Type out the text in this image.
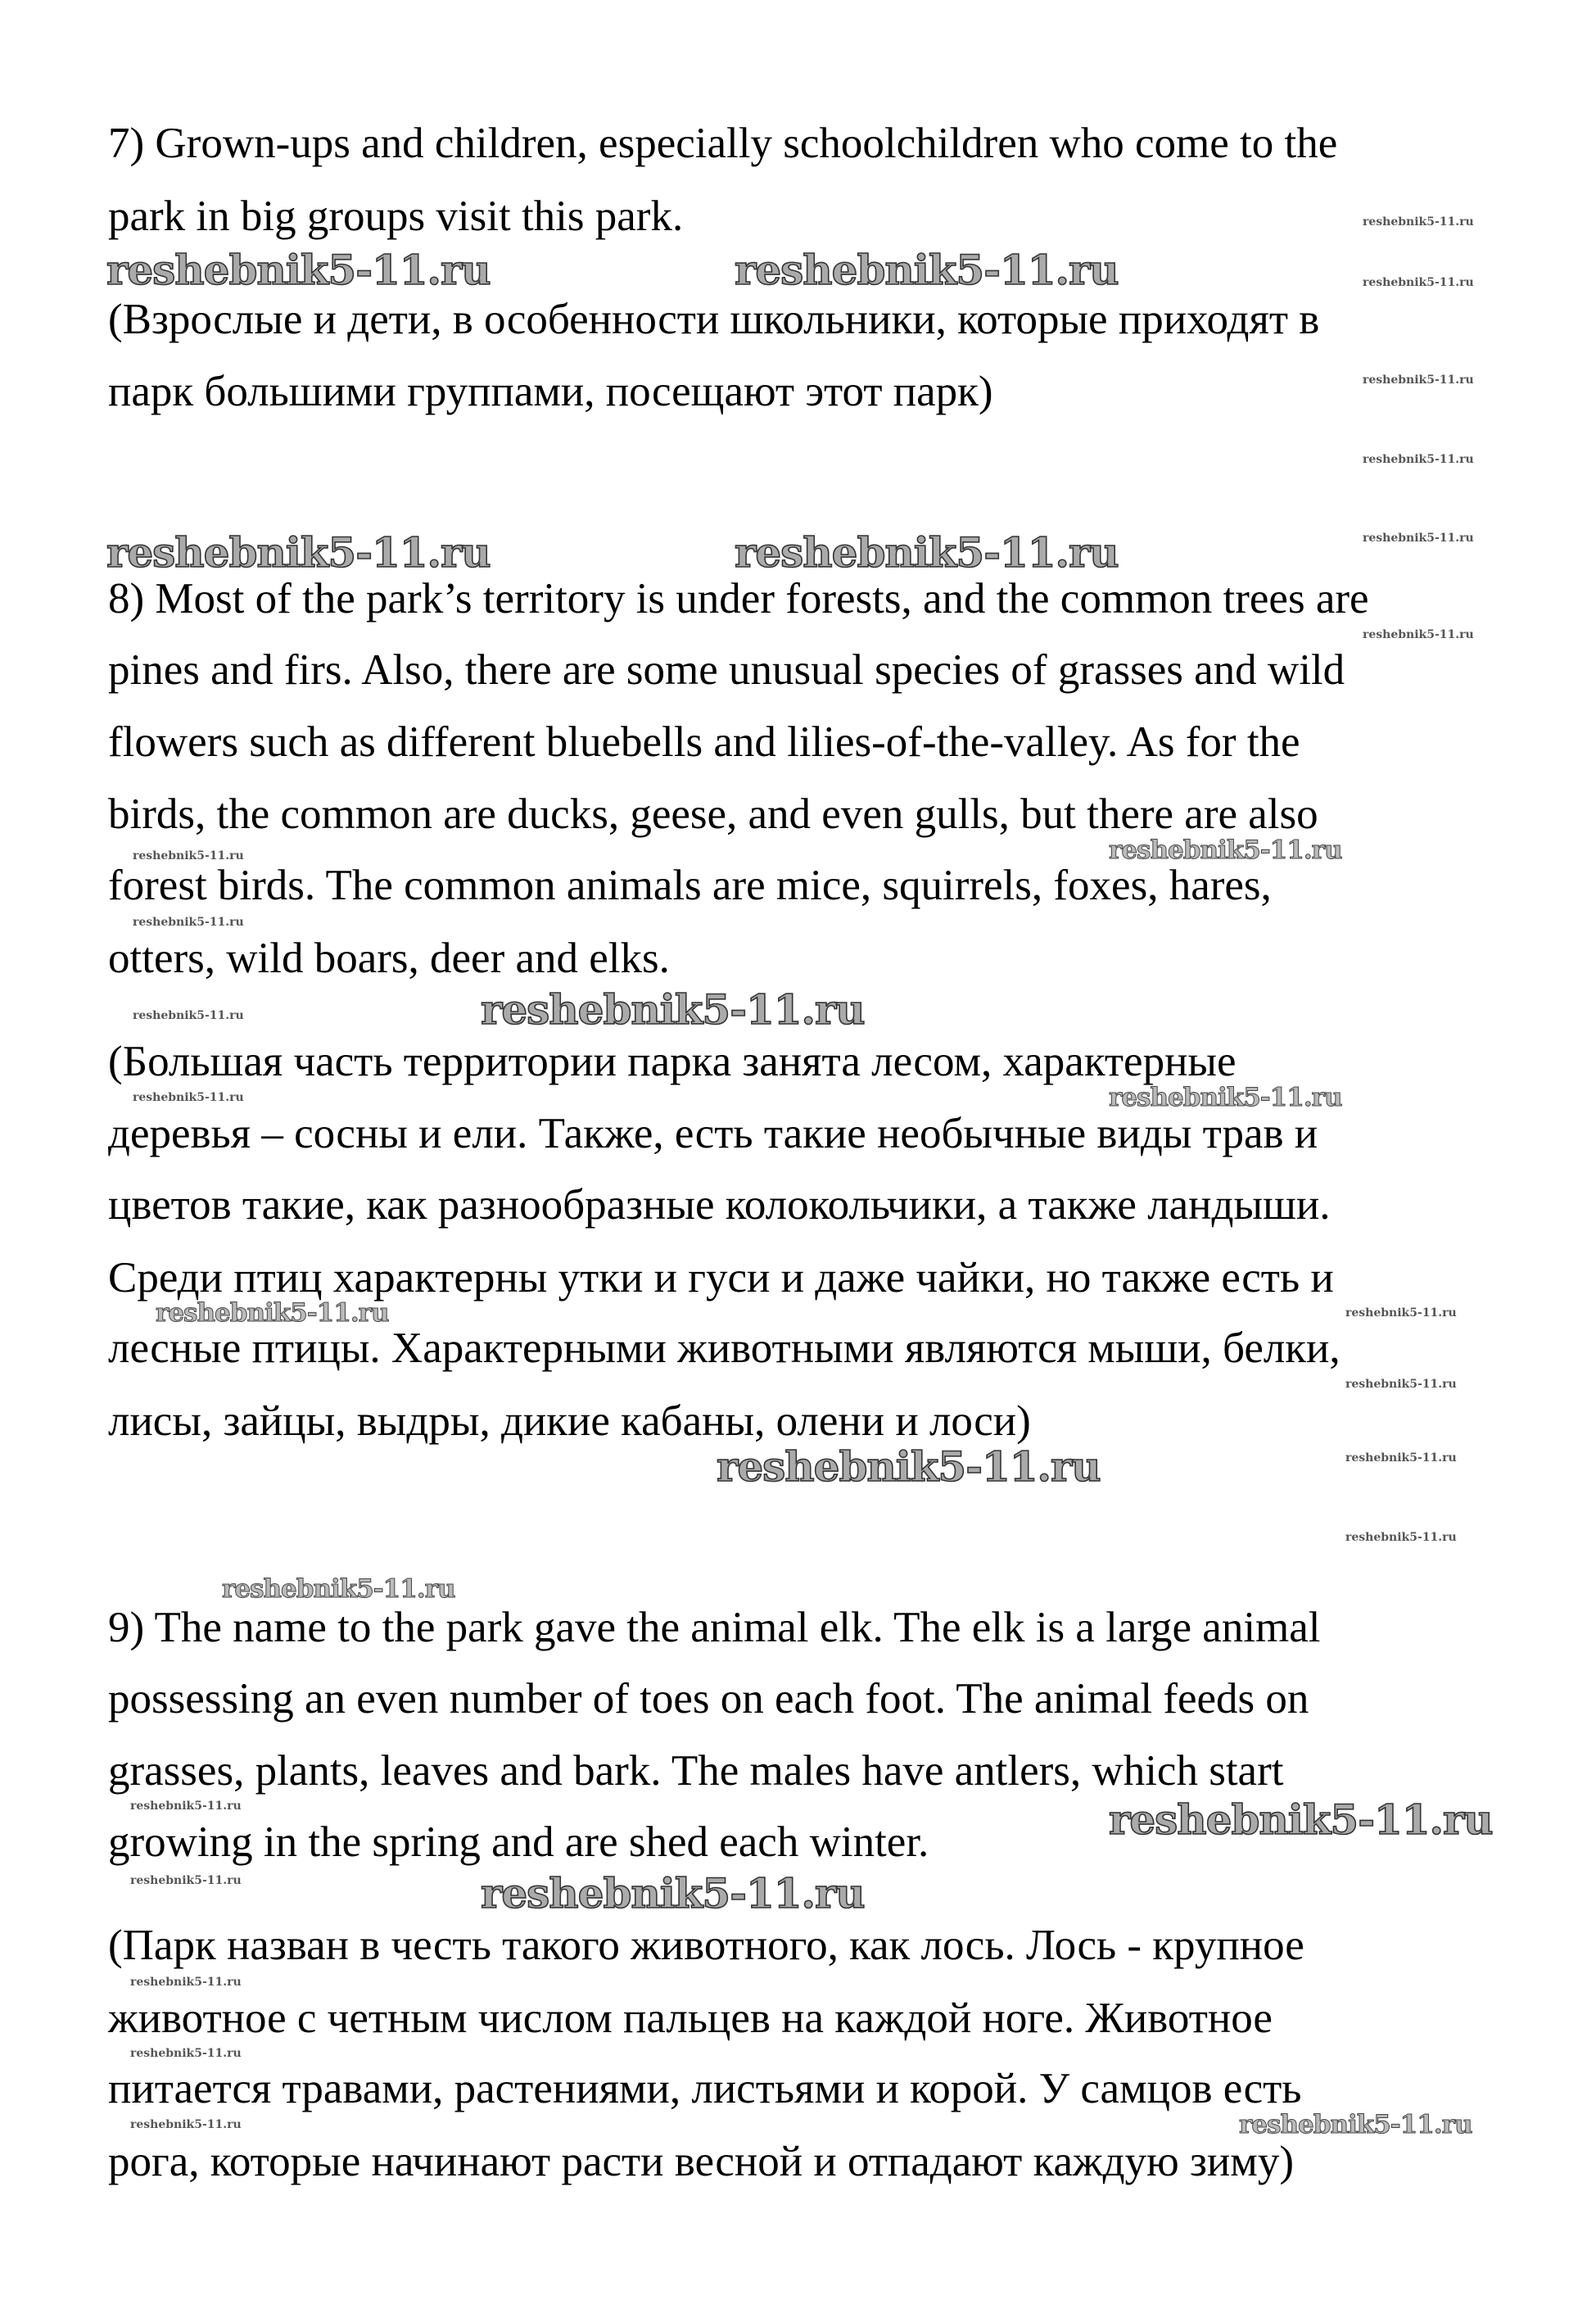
7) Grown-ups and children, especially schoolchildren who come to the
park in big groups visit this park.
(Взрослые и дети, в особенности школьники, которые приходят в
парк большими группами, посещают этот парк)
8) Most of the park’s territory is under forests, and the common trees are
pines and firs. Also, there are some unusual species of grasses and wild
flowers such as different bluebells and lilies-of-the-valley. As for the
birds, the common are ducks, geese, and even gulls, but there are also
forest birds. The common animals are mice, squirrels, foxes, hares,
otters, wild boars, deer and elks.
(Большая часть территории парка занята лесом, характерные
деревья – сосны и ели. Также, есть такие необычные виды трав и
цветов такие, как разнообразные колокольчики, а также ландыши.
Среди птиц характерны утки и гуси и даже чайки, но также есть и
лесные птицы. Характерными животными являются мыши, белки,
лисы, зайцы, выдры, дикие кабаны, олени и лоси)
9) The name to the park gave the animal elk. The elk is a large animal
possessing an even number of toes on each foot. The animal feeds on
grasses, plants, leaves and bark. The males have antlers, which start
growing in the spring and are shed each winter.
(Парк назван в честь такого животного, как лось. Лось - крупное
животное с четным числом пальцев на каждой ноге. Животное
питается травами, растениями, листьями и корой. У самцов есть
рога, которые начинают расти весной и отпадают каждую зиму)
reshebnik5-11.ru	reshebnik5-11.ru
reshebnik5-11.ru	reshebnik5-11.ru
reshebnik5-11.ru
reshebnik5-11.ru
reshebnik5-11.ru
reshebnik5-11.ru
reshebnik5-11.ru
reshebnik5-11.ru
reshebnik5-11.ru
reshebnik5-11.ru
reshebnik5-11.ru
reshebnik5-11.ru
reshebnik5-11.ru
reshebnik5-11.ru
reshebnik5-11.ru
reshebnik5-11.ru
reshebnik5-11.ru
reshebnik5-11.ru
reshebnik5-11.ru
reshebnik5-11.ru
reshebnik5-11.ru
reshebnik5-11.ru
reshebnik5-11.ru
reshebnik5-11.ru
reshebnik5-11.ru
reshebnik5-11.ru
reshebnik5-11.ru
reshebnik5-11.ru
reshebnik5-11.ru
reshebnik5-11.ru
